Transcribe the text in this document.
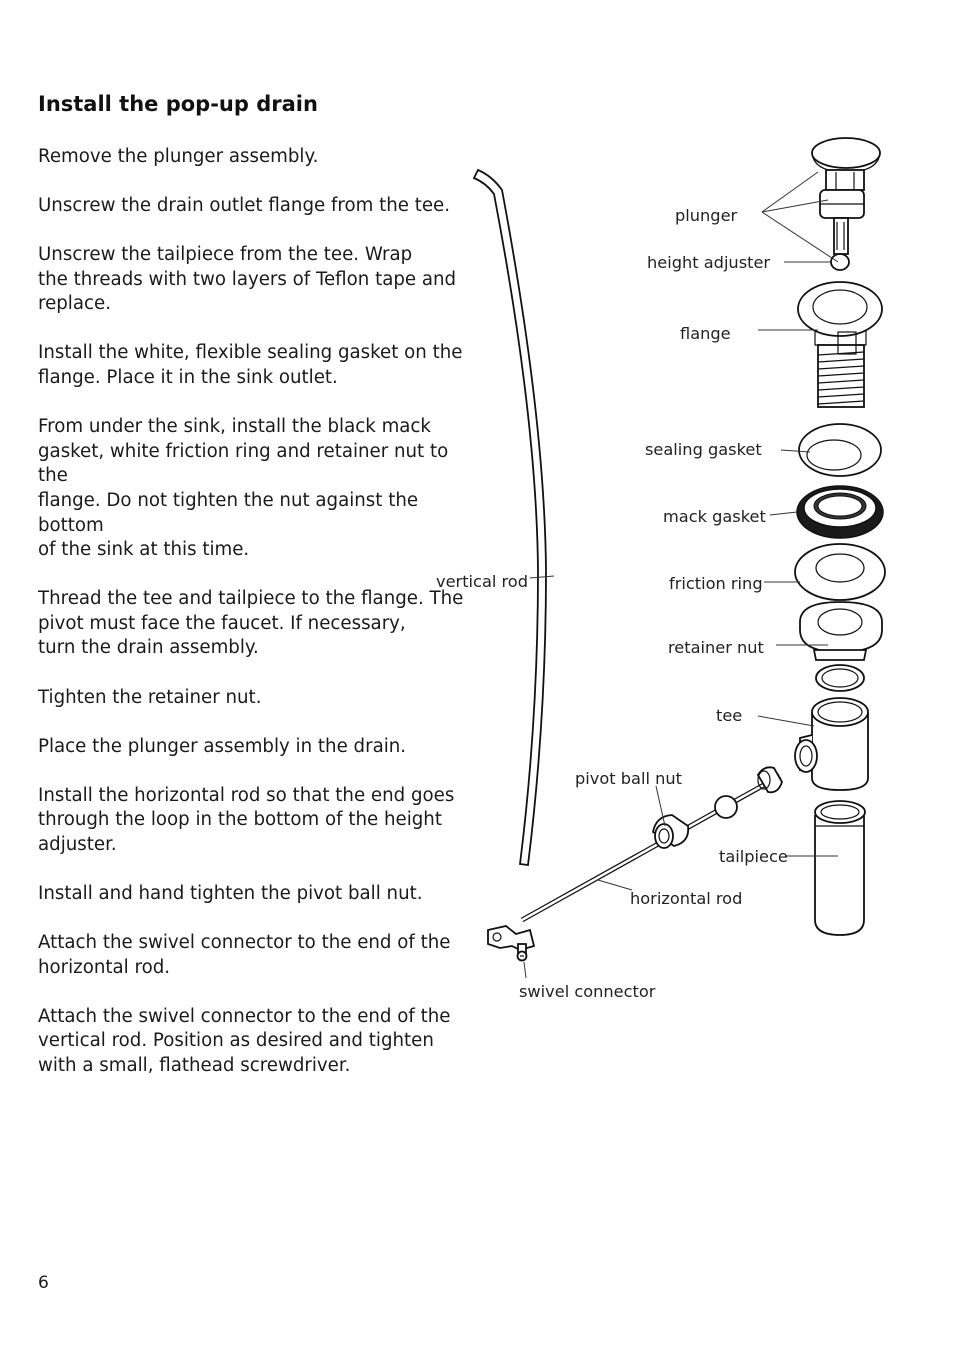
Install the pop-up drain
Remove the plunger assembly.
Unscrew the drain outlet flange from the tee.
Unscrew the tailpiece from the tee. Wrap
the threads with two layers of Teflon tape and
replace.
Install the white, flexible sealing gasket on the
flange. Place it in the sink outlet.
From under the sink, install the black mack
gasket, white friction ring and retainer nut to the
flange. Do not tighten the nut against the bottom
of the sink at this time.
Thread the tee and tailpiece to the flange. The
pivot must face the faucet. If necessary,
turn the drain assembly.
Tighten the retainer nut.
Place the plunger assembly in the drain.
Install the horizontal rod so that the end goes
through the loop in the bottom of the height
adjuster.
Install and hand tighten the pivot ball nut.
Attach the swivel connector to the end of the
horizontal rod.
Attach the swivel connector to the end of the
vertical rod. Position as desired and tighten
with a small, flathead screwdriver.
plunger
height adjuster
flange
sealing gasket
mack gasket
friction ring
retainer nut
tee
pivot ball nut
tailpiece
horizontal rod
swivel connector
vertical rod
6
